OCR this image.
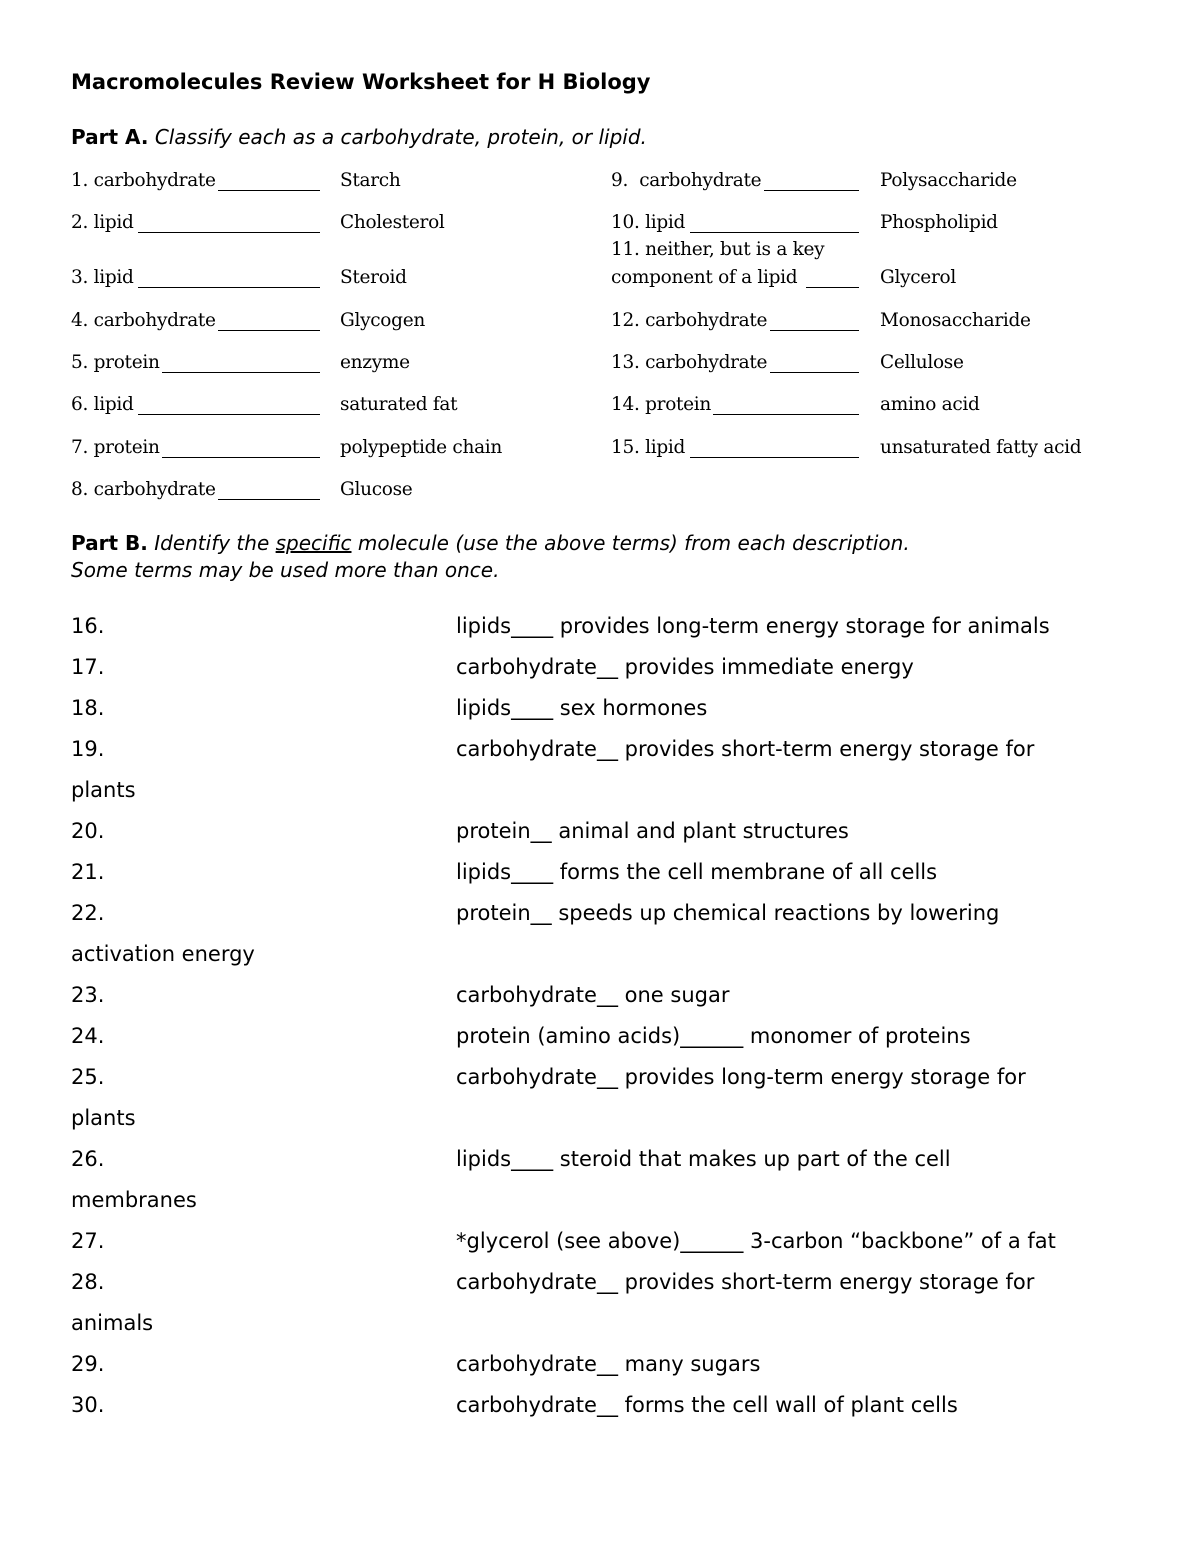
Macromolecules Review Worksheet for H Biology
Part A. Classify each as a carbohydrate, protein, or lipid.
1. carbohydrate	Starch
2. lipid	Cholesterol
3. lipid	Steroid
4. carbohydrate	Glycogen
5. protein	enzyme
6. lipid	saturated fat
7. protein	polypeptide chain
8. carbohydrate	Glucose
9.  carbohydrate	Polysaccharide
10. lipid	Phospholipid
11. neither, but is a key
component of a lipid	Glycerol
12. carbohydrate	Monosaccharide
13. carbohydrate	Cellulose
14. protein	amino acid
15. lipid	unsaturated fatty acid
Part B. Identify the specific molecule (use the above terms) from each description.
Some terms may be used more than once.
16.	lipids____ provides long-term energy storage for animals
17.	carbohydrate__ provides immediate energy
18.	lipids____ sex hormones
19.	carbohydrate__ provides short-term energy storage for
plants
20.	protein__ animal and plant structures
21.	lipids____ forms the cell membrane of all cells
22.	protein__ speeds up chemical reactions by lowering
activation energy
23.	carbohydrate__ one sugar
24.	protein (amino acids)______ monomer of proteins
25.	carbohydrate__ provides long-term energy storage for
plants
26.	lipids____ steroid that makes up part of the cell
membranes
27.	*glycerol (see above)______ 3-carbon “backbone” of a fat
28.	carbohydrate__ provides short-term energy storage for
animals
29.	carbohydrate__ many sugars
30.	carbohydrate__ forms the cell wall of plant cells
